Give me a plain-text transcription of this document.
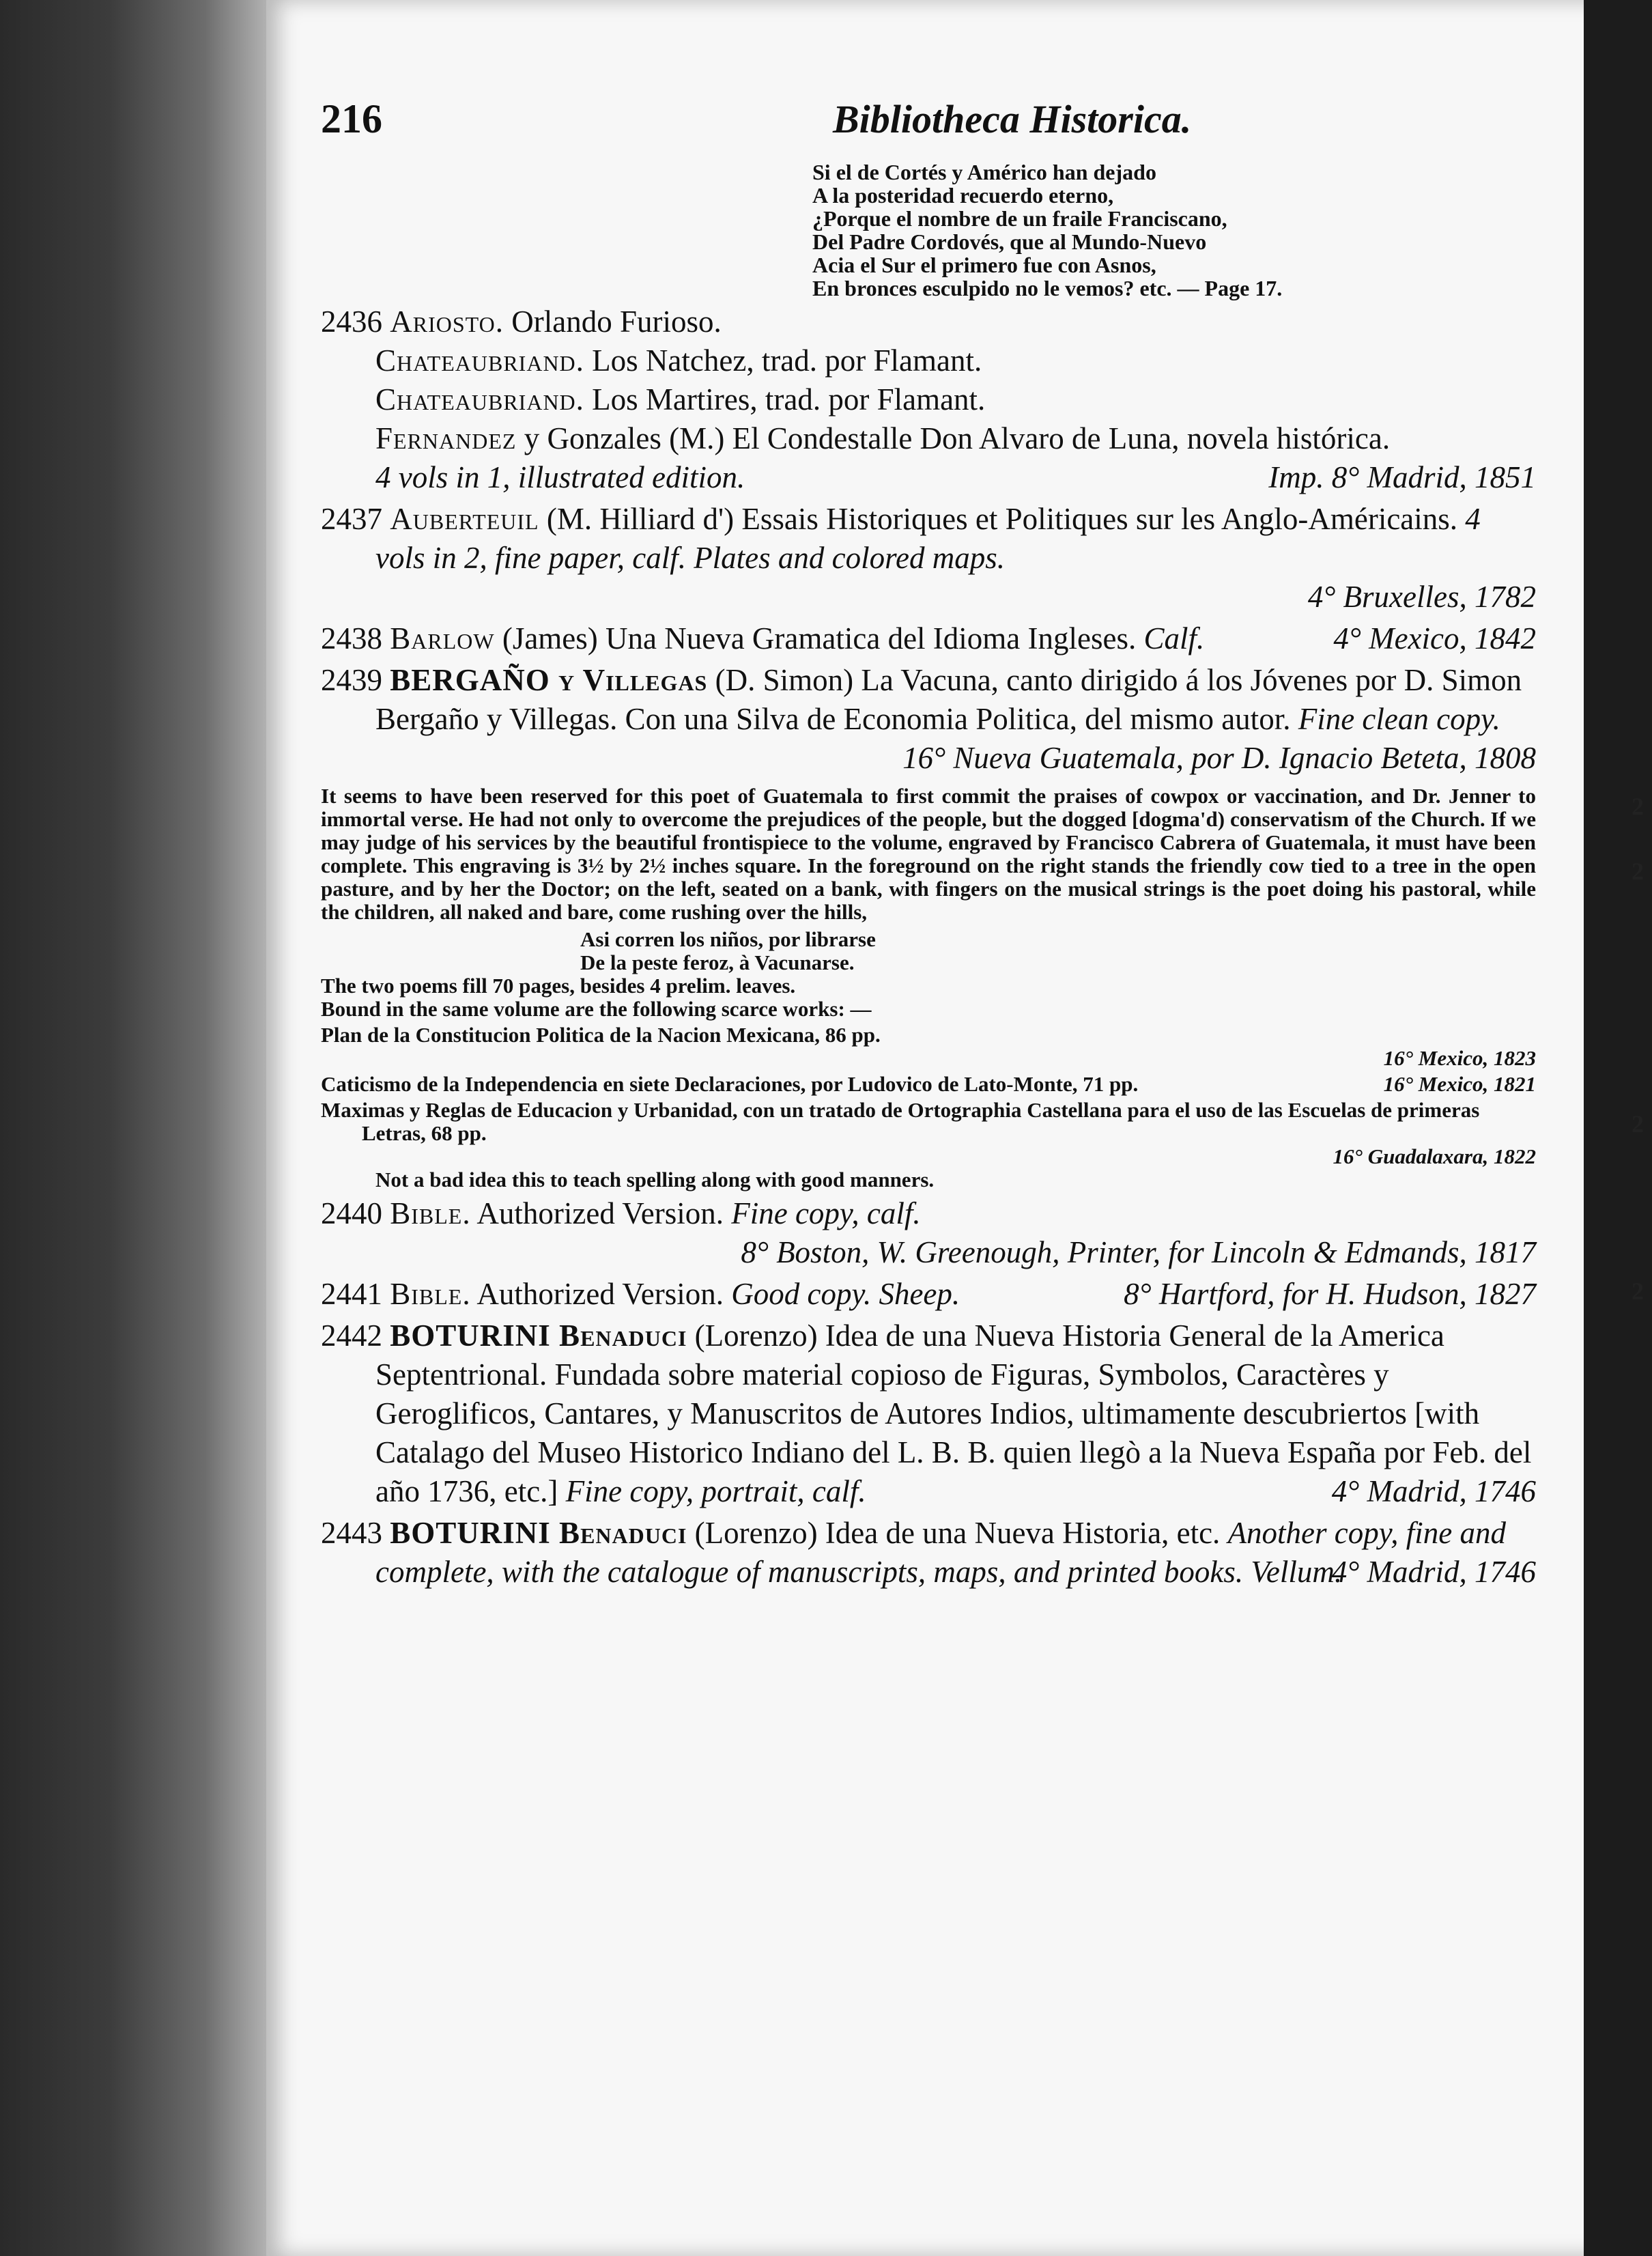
2
2
2
2
216	Bibliotheca Historica.
Si el de Cortés y Américo han dejado
A la posteridad recuerdo eterno,
¿Porque el nombre de un fraile Franciscano,
Del Padre Cordovés, que al Mundo-Nuevo
Acia el Sur el primero fue con Asnos,
En bronces esculpido no le vemos? etc. — Page 17.
2436 Ariosto. Orlando Furioso.
Chateaubriand. Los Natchez, trad. por Flamant.
Chateaubriand. Los Martires, trad. por Flamant.
Fernandez y Gonzales (M.) El Condestalle Don Alvaro de Luna, novela histórica.
4 vols in 1, illustrated edition.	Imp. 8° Madrid, 1851
2437 Auberteuil (M. Hilliard d') Essais Historiques et Politiques sur les Anglo-Américains. 4 vols in 2, fine paper, calf. Plates and colored maps.
4° Bruxelles, 1782
2438 Barlow (James) Una Nueva Gramatica del Idioma Ingleses. Calf.	4° Mexico, 1842
2439 BERGAÑO y Villegas (D. Simon) La Vacuna, canto dirigido á los Jóvenes por D. Simon Bergaño y Villegas. Con una Silva de Economia Politica, del mismo autor. Fine clean copy.
16° Nueva Guatemala, por D. Ignacio Beteta, 1808
It seems to have been reserved for this poet of Guatemala to first commit the praises of cowpox or vaccination, and Dr. Jenner to immortal verse. He had not only to overcome the prejudices of the people, but the dogged [dogma'd) conservatism of the Church. If we may judge of his services by the beautiful frontispiece to the volume, engraved by Francisco Cabrera of Guatemala, it must have been complete. This engraving is 3½ by 2½ inches square. In the foreground on the right stands the friendly cow tied to a tree in the open pasture, and by her the Doctor; on the left, seated on a bank, with fingers on the musical strings is the poet doing his pastoral, while the children, all naked and bare, come rushing over the hills,
Asi corren los niños, por librarse
De la peste feroz, à Vacunarse.
The two poems fill 70 pages, besides 4 prelim. leaves.
Bound in the same volume are the following scarce works: —
Plan de la Constitucion Politica de la Nacion Mexicana, 86 pp.
16° Mexico, 1823
Caticismo de la Independencia en siete Declaraciones, por Ludovico de Lato-Monte, 71 pp.	16° Mexico, 1821
Maximas y Reglas de Educacion y Urbanidad, con un tratado de Ortographia Castellana para el uso de las Escuelas de primeras Letras, 68 pp.
16° Guadalaxara, 1822
Not a bad idea this to teach spelling along with good manners.
2440 Bible. Authorized Version. Fine copy, calf.
8° Boston, W. Greenough, Printer, for Lincoln & Edmands, 1817
2441 Bible. Authorized Version. Good copy. Sheep.	8° Hartford, for H. Hudson, 1827
2442 BOTURINI Benaduci (Lorenzo) Idea de una Nueva Historia General de la America Septentrional. Fundada sobre material copioso de Figuras, Symbolos, Caractères y Geroglificos, Cantares, y Manuscritos de Autores Indios, ultimamente descubriertos [with Catalago del Museo Historico Indiano del L. B. B. quien llegò a la Nueva España por Feb. del año 1736, etc.] Fine copy, portrait, calf.	4° Madrid, 1746
2443 BOTURINI Benaduci (Lorenzo) Idea de una Nueva Historia, etc. Another copy, fine and complete, with the catalogue of manuscripts, maps, and printed books. Vellum.
4° Madrid, 1746
